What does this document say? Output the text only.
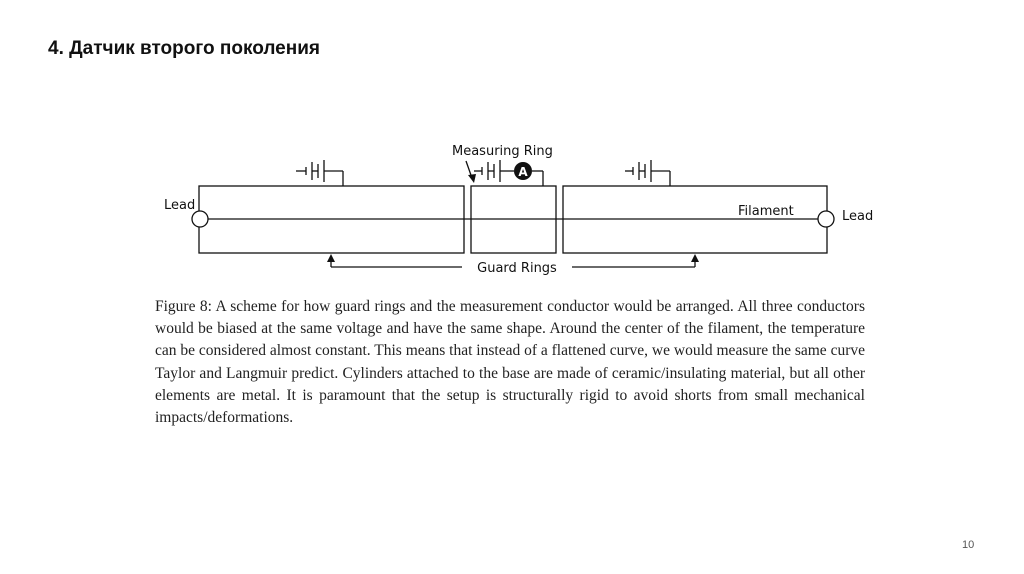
4. Датчик второго поколения
A
Lead
Lead
Measuring Ring
Filament
Guard Rings

Figure 8: A scheme for how guard rings and the measurement conductor would be arranged. All three conductors would be biased at the same voltage and have the same shape. Around the center of the filament, the temperature can be considered almost constant. This means that instead of a flattened curve, we would measure the same curve Taylor and Langmuir predict. Cylinders attached to the base are made of ceramic/insulating material, but all other elements are metal. It is paramount that the setup is structurally rigid to avoid shorts from small mechanical impacts/deformations.

10
